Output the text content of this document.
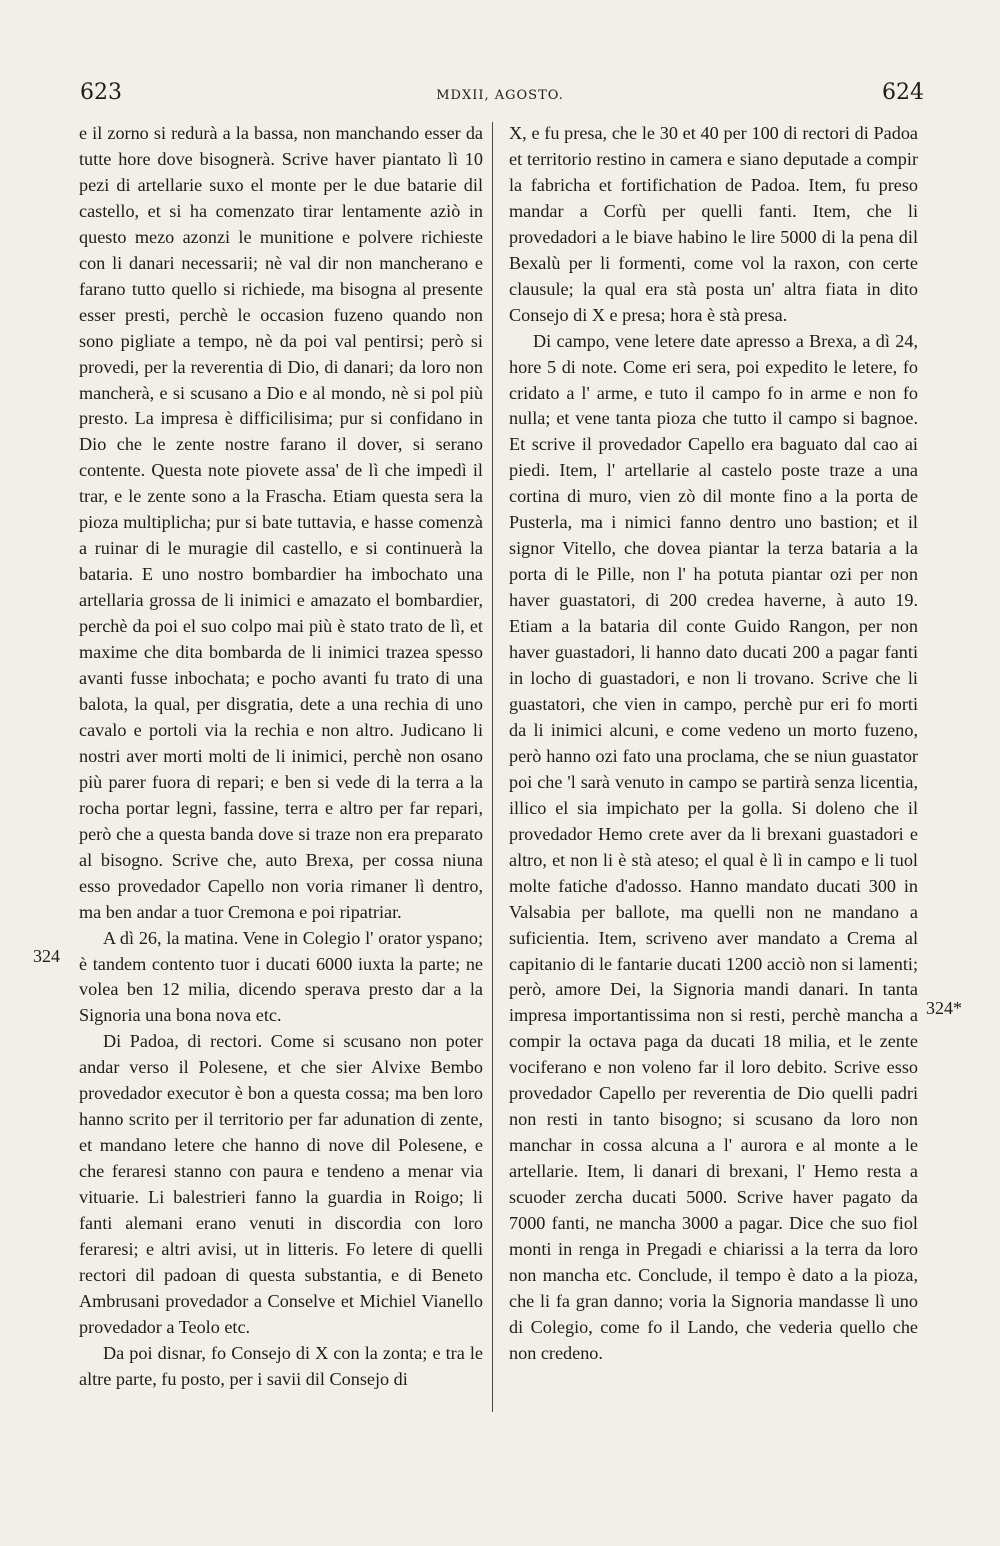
623	MDXII, AGOSTO.	624
324
324*

e il zorno si redurà a la bassa, non manchando esser da tutte hore dove bisognerà. Scrive haver piantato lì 10 pezi di artellarie suxo el monte per le due batarie dil castello, et si ha comenzato tirar lentamente aziò in questo mezo azonzi le munitione e polvere richieste con li danari necessarii; nè val dir non mancherano e farano tutto quello si richiede, ma bisogna al presente esser presti, perchè le occasion fuzeno quando non sono pigliate a tempo, nè da poi val pentirsi; però si provedi, per la reverentia di Dio, di danari; da loro non mancherà, e si scusano a Dio e al mondo, nè si pol più presto. La impresa è difficilisima; pur si confidano in Dio che le zente nostre farano il dover, si serano contente. Questa note piovete assa' de lì che impedì il trar, e le zente sono a la Frascha. Etiam questa sera la pioza multiplicha; pur si bate tuttavia, e hasse comenzà a ruinar di le muragie dil castello, e si continuerà la bataria. E uno nostro bombardier ha imbochato una artellaria grossa de li inimici e amazato el bombardier, perchè da poi el suo colpo mai più è stato trato de lì, et maxime che dita bombarda de li inimici trazea spesso avanti fusse inbochata; e pocho avanti fu trato di una balota, la qual, per disgratia, dete a una rechia di uno cavalo e portoli via la rechia e non altro. Judicano li nostri aver morti molti de li inimici, perchè non osano più parer fuora di repari; e ben si vede di la terra a la rocha portar legni, fassine, terra e altro per far repari, però che a questa banda dove si traze non era preparato al bisogno. Scrive che, auto Brexa, per cossa niuna esso provedador Capello non voria rimaner lì dentro, ma ben andar a tuor Cremona e poi ripatriar.

A dì 26, la matina. Vene in Colegio l' orator yspano; è tandem contento tuor i ducati 6000 iuxta la parte; ne volea ben 12 milia, dicendo sperava presto dar a la Signoria una bona nova etc.

Di Padoa, di rectori. Come si scusano non poter andar verso il Polesene, et che sier Alvixe Bembo provedador executor è bon a questa cossa; ma ben loro hanno scrito per il territorio per far adunation di zente, et mandano letere che hanno di nove dil Polesene, e che feraresi stanno con paura e tendeno a menar via vituarie. Li balestrieri fanno la guardia in Roigo; li fanti alemani erano venuti in discordia con loro feraresi; e altri avisi, ut in litteris. Fo letere di quelli rectori dil padoan di questa substantia, e di Beneto Ambrusani provedador a Conselve et Michiel Vianello provedador a Teolo etc.

Da poi disnar, fo Consejo di X con la zonta; e tra le altre parte, fu posto, per i savii dil Consejo di

X, e fu presa, che le 30 et 40 per 100 di rectori di Padoa et territorio restino in camera e siano deputade a compir la fabricha et fortifichation de Padoa. Item, fu preso mandar a Corfù per quelli fanti. Item, che li provedadori a le biave habino le lire 5000 di la pena dil Bexalù per li formenti, come vol la raxon, con certe clausule; la qual era stà posta un' altra fiata in dito Consejo di X e presa; hora è stà presa.

Di campo, vene letere date apresso a Brexa, a dì 24, hore 5 di note. Come eri sera, poi expedito le letere, fo cridato a l' arme, e tuto il campo fo in arme e non fo nulla; et vene tanta pioza che tutto il campo si bagnoe. Et scrive il provedador Capello era baguato dal cao ai piedi. Item, l' artellarie al castelo poste traze a una cortina di muro, vien zò dil monte fino a la porta de Pusterla, ma i nimici fanno dentro uno bastion; et il signor Vitello, che dovea piantar la terza bataria a la porta di le Pille, non l' ha potuta piantar ozi per non haver guastatori, di 200 credea haverne, à auto 19. Etiam a la bataria dil conte Guido Rangon, per non haver guastadori, li hanno dato ducati 200 a pagar fanti in locho di guastadori, e non li trovano. Scrive che li guastatori, che vien in campo, perchè pur eri fo morti da li inimici alcuni, e come vedeno un morto fuzeno, però hanno ozi fato una proclama, che se niun guastator poi che 'l sarà venuto in campo se partirà senza licentia, illico el sia impichato per la golla. Si doleno che il provedador Hemo crete aver da li brexani guastadori e altro, et non li è stà ateso; el qual è lì in campo e li tuol molte fatiche d'adosso. Hanno mandato ducati 300 in Valsabia per ballote, ma quelli non ne mandano a suficientia. Item, scriveno aver mandato a Crema al capitanio di le fantarie ducati 1200 acciò non si lamenti; però, amore Dei, la Signoria mandi danari. In tanta impresa importantissima non si resti, perchè mancha a compir la octava paga da ducati 18 milia, et le zente vociferano e non voleno far il loro debito. Scrive esso provedador Capello per reverentia de Dio quelli padri non resti in tanto bisogno; si scusano da loro non manchar in cossa alcuna a l' aurora e al monte a le artellarie. Item, li danari di brexani, l' Hemo resta a scuoder zercha ducati 5000. Scrive haver pagato da 7000 fanti, ne mancha 3000 a pagar. Dice che suo fiol monti in renga in Pregadi e chiarissi a la terra da loro non mancha etc. Conclude, il tempo è dato a la pioza, che li fa gran danno; voria la Signoria mandasse lì uno di Colegio, come fo il Lando, che vederia quello che non credeno.
